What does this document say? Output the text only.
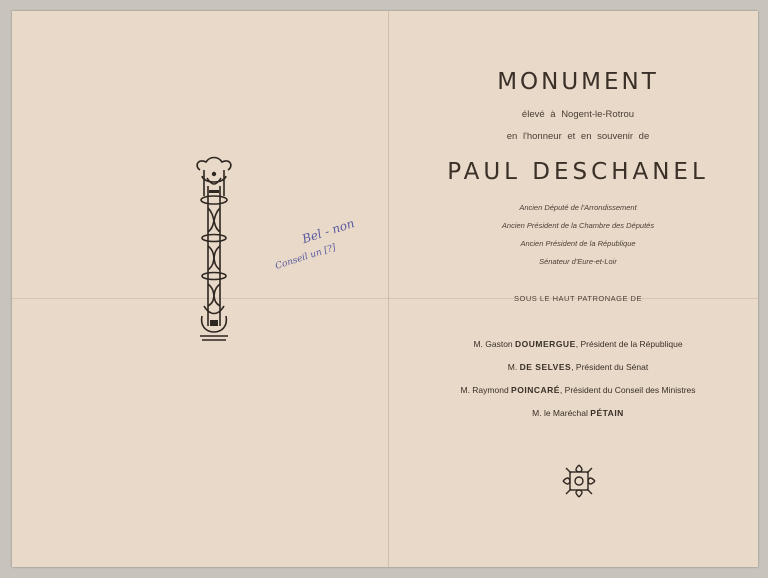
Bel - non
Conseil un [?]
MONUMENT
élevé à Nogent-le-Rotrou
en l'honneur et en souvenir de
PAUL DESCHANEL
Ancien Député de l'Arrondissement
Ancien Président de la Chambre des Députés
Ancien Président de la République
Sénateur d'Eure-et-Loir
SOUS LE HAUT PATRONAGE DE
M. Gaston DOUMERGUE, Président de la République
M. DE SELVES, Président du Sénat
M. Raymond POINCARÉ, Président du Conseil des Ministres
M. le Maréchal PÉTAIN
